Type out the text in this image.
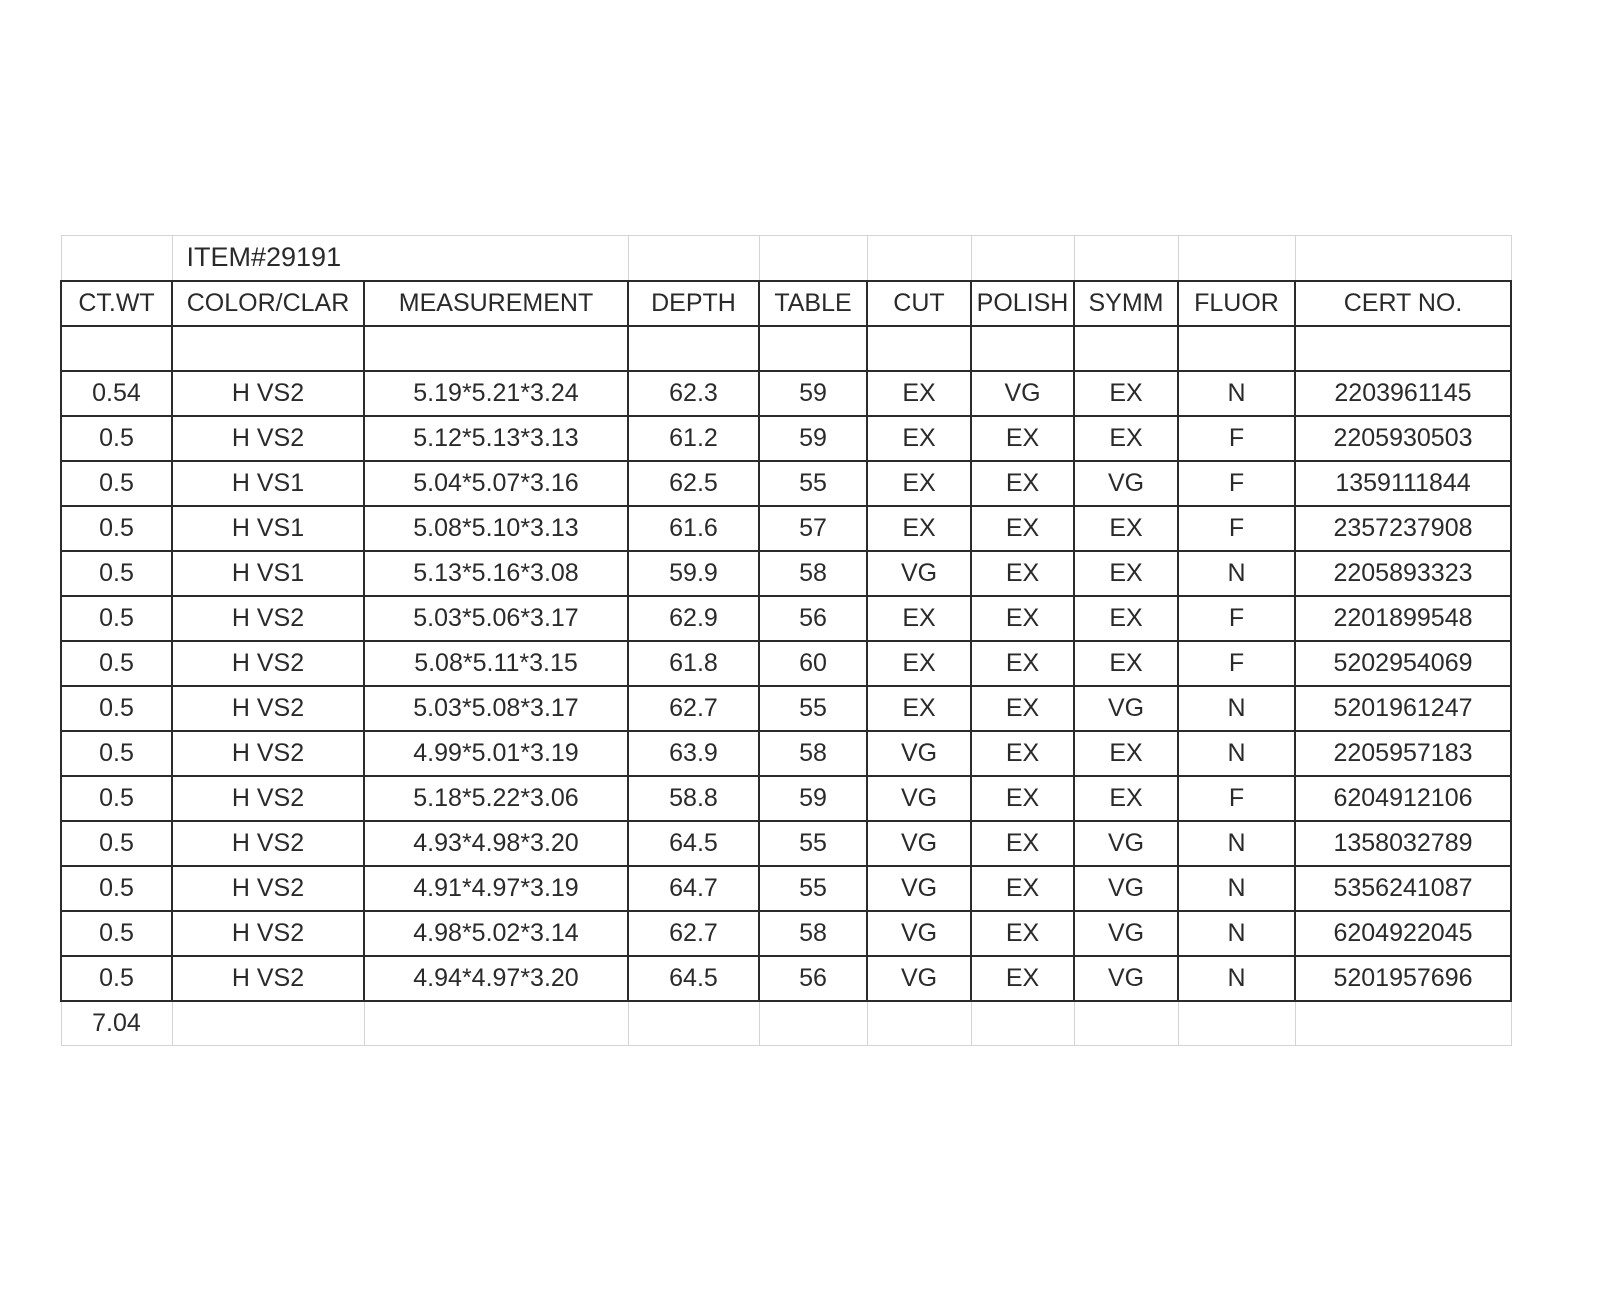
	ITEM#29191								
CT.WT	COLOR/CLAR	MEASUREMENT	DEPTH	TABLE	CUT	POLISH	SYMM	FLUOR	CERT NO.

0.54	H VS2	5.19*5.21*3.24	62.3	59	EX	VG	EX	N	2203961145
0.5	H VS2	5.12*5.13*3.13	61.2	59	EX	EX	EX	F	2205930503
0.5	H VS1	5.04*5.07*3.16	62.5	55	EX	EX	VG	F	1359111844
0.5	H VS1	5.08*5.10*3.13	61.6	57	EX	EX	EX	F	2357237908
0.5	H VS1	5.13*5.16*3.08	59.9	58	VG	EX	EX	N	2205893323
0.5	H VS2	5.03*5.06*3.17	62.9	56	EX	EX	EX	F	2201899548
0.5	H VS2	5.08*5.11*3.15	61.8	60	EX	EX	EX	F	5202954069
0.5	H VS2	5.03*5.08*3.17	62.7	55	EX	EX	VG	N	5201961247
0.5	H VS2	4.99*5.01*3.19	63.9	58	VG	EX	EX	N	2205957183
0.5	H VS2	5.18*5.22*3.06	58.8	59	VG	EX	EX	F	6204912106
0.5	H VS2	4.93*4.98*3.20	64.5	55	VG	EX	VG	N	1358032789
0.5	H VS2	4.91*4.97*3.19	64.7	55	VG	EX	VG	N	5356241087
0.5	H VS2	4.98*5.02*3.14	62.7	58	VG	EX	VG	N	6204922045
0.5	H VS2	4.94*4.97*3.20	64.5	56	VG	EX	VG	N	5201957696
7.04									
